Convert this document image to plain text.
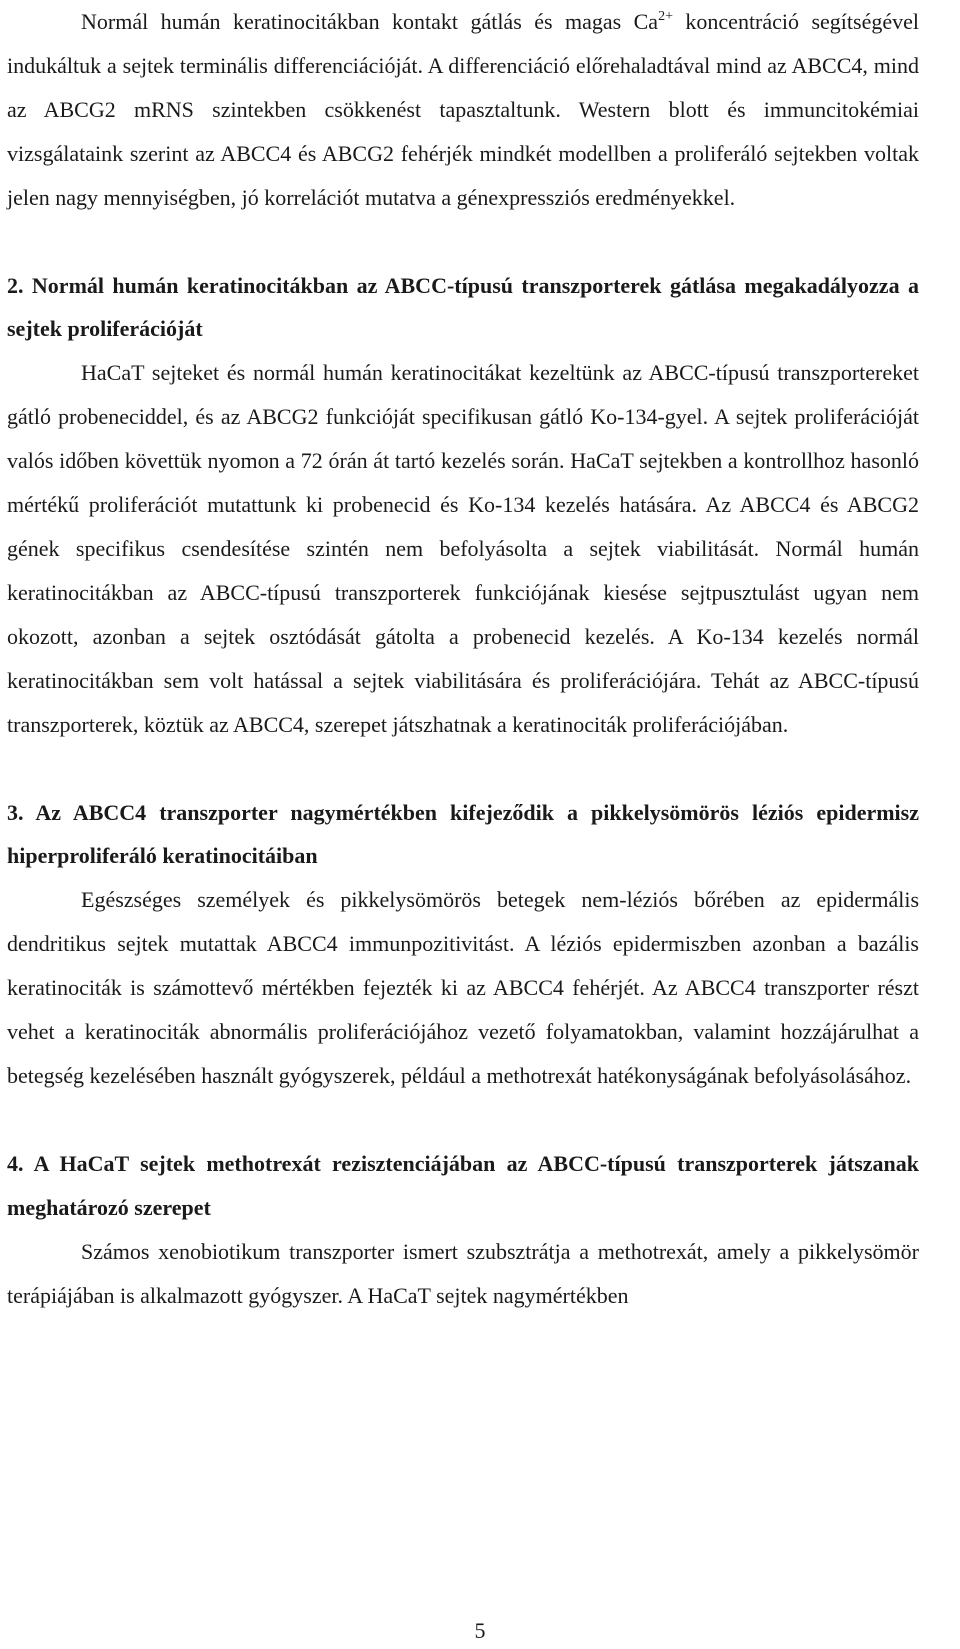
Normál humán keratinocitákban kontakt gátlás és magas $Ca^{2+}$ koncentráció segítségével indukáltuk a sejtek terminális differenciációját. A differenciáció előrehaladtával mind az ABCC4, mind az ABCG2 mRNS szintekben csökkenést tapasztaltunk. Western blott és immuncitokémiai vizsgálataink szerint az ABCC4 és ABCG2 fehérjék mindkét modellben a proliferáló sejtekben voltak jelen nagy mennyiségben, jó korrelációt mutatva a génexpressziós eredményekkel.

2. Normál humán keratinocitákban az ABCC-típusú transzporterek gátlása megakadályozza a sejtek proliferációját

HaCaT sejteket és normál humán keratinocitákat kezeltünk az ABCC-típusú transzportereket gátló probeneciddel, és az ABCG2 funkcióját specifikusan gátló Ko-134-gyel. A sejtek proliferációját valós időben követtük nyomon a 72 órán át tartó kezelés során. HaCaT sejtekben a kontrollhoz hasonló mértékű proliferációt mutattunk ki probenecid és Ko-134 kezelés hatására. Az ABCC4 és ABCG2 gének specifikus csendesítése szintén nem befolyásolta a sejtek viabilitását. Normál humán keratinocitákban az ABCC-típusú transzporterek funkciójának kiesése sejtpusztulást ugyan nem okozott, azonban a sejtek osztódását gátolta a probenecid kezelés. A Ko-134 kezelés normál keratinocitákban sem volt hatással a sejtek viabilitására és proliferációjára. Tehát az ABCC-típusú transzporterek, köztük az ABCC4, szerepet játszhatnak a keratinociták proliferációjában.

3. Az ABCC4 transzporter nagymértékben kifejeződik a pikkelysömörös léziós epidermisz hiperproliferáló keratinocitáiban

Egészséges személyek és pikkelysömörös betegek nem-léziós bőrében az epidermális dendritikus sejtek mutattak ABCC4 immunpozitivitást. A léziós epidermiszben azonban a bazális keratinociták is számottevő mértékben fejezték ki az ABCC4 fehérjét. Az ABCC4 transzporter részt vehet a keratinociták abnormális proliferációjához vezető folyamatokban, valamint hozzájárulhat a betegség kezelésében használt gyógyszerek, például a methotrexát hatékonyságának befolyásolásához.

4. A HaCaT sejtek methotrexát rezisztenciájában az ABCC-típusú transzporterek játszanak meghatározó szerepet

Számos xenobiotikum transzporter ismert szubsztrátja a methotrexát, amely a pikkelysömör terápiájában is alkalmazott gyógyszer. A HaCaT sejtek nagymértékben

5
